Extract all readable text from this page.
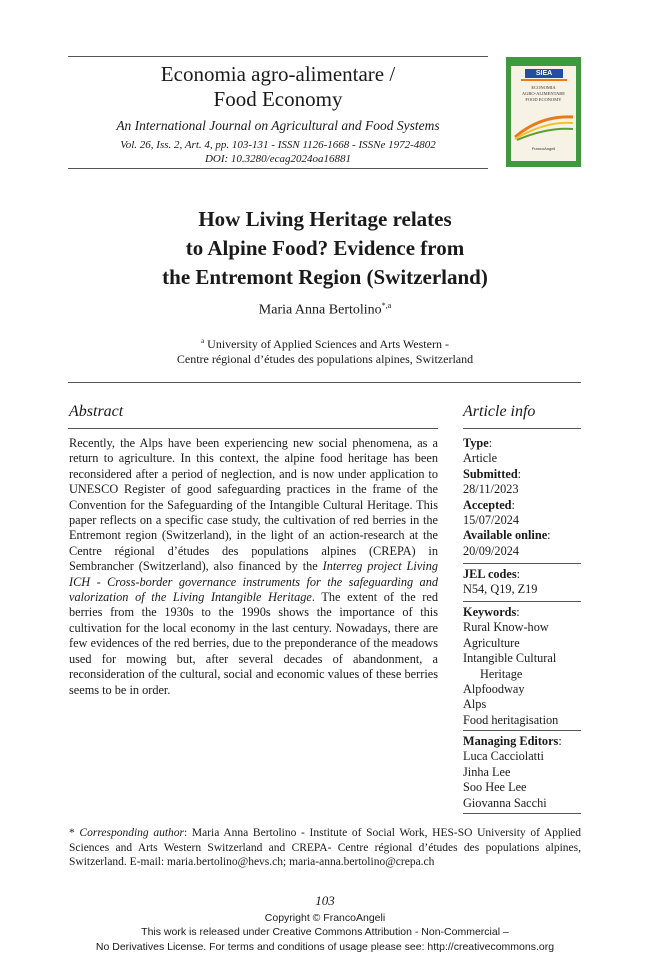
Economia agro-alimentare /
Food Economy
An International Journal on Agricultural and Food Systems
Vol. 26, Iss. 2, Art. 4, pp. 103-131 - ISSN 1126-1668 - ISSNe 1972-4802
DOI: 10.3280/ecag2024oa16881
SIEA
ECONOMIA
AGRO-ALIMENTARE
FOOD ECONOMY
FrancoAngeli
How Living Heritage relates
to Alpine Food? Evidence from
the Entremont Region (Switzerland)
Maria Anna Bertolino$^{*,a}$
$^a$ University of Applied Sciences and Arts Western -
Centre régional d’études des populations alpines, Switzerland
Abstract
Recently, the Alps have been experiencing new social phenomena, as a return to agriculture. In this context, the alpine food heritage has been reconsidered after a period of neglection, and is now under application to UNESCO Register of good safeguarding practices in the frame of the Convention for the Safeguarding of the Intangible Cultural Heritage. This paper reflects on a specific case study, the cultivation of red berries in the Entremont region (Switzerland), in the light of an action-research at the Centre régional d’études des populations alpines (CREPA) in Sembrancher (Switzerland), also financed by the Interreg project Living ICH - Cross-border governance instruments for the safeguarding and valorization of the Living Intangible Heritage. The extent of the red berries from the 1930s to the 1990s shows the importance of this cultivation for the local economy in the last century. Nowadays, there are few evidences of the red berries, due to the preponderance of the meadows used for mowing but, after several decades of abandonment, a reconsideration of the cultural, social and economic values of these berries seems to be in order.
Article info
Type:
Article
Submitted:
28/11/2023
Accepted:
15/07/2024
Available online:
20/09/2024
JEL codes:
N54, Q19, Z19
Keywords:
Rural Know-how
Agriculture
Intangible Cultural
Heritage
Alpfoodway
Alps
Food heritagisation
Managing Editors:
Luca Cacciolatti
Jinha Lee
Soo Hee Lee
Giovanna Sacchi
* Corresponding author: Maria Anna Bertolino - Institute of Social Work, HES-SO University of Applied Sciences and Arts Western Switzerland and CREPA- Centre régional d’études des populations alpines, Switzerland. E-mail: maria.bertolino@hevs.ch; maria-anna.bertolino@crepa.ch
103
Copyright © FrancoAngeli
This work is released under Creative Commons Attribution - Non-Commercial –
No Derivatives License. For terms and conditions of usage please see: http://creativecommons.org
